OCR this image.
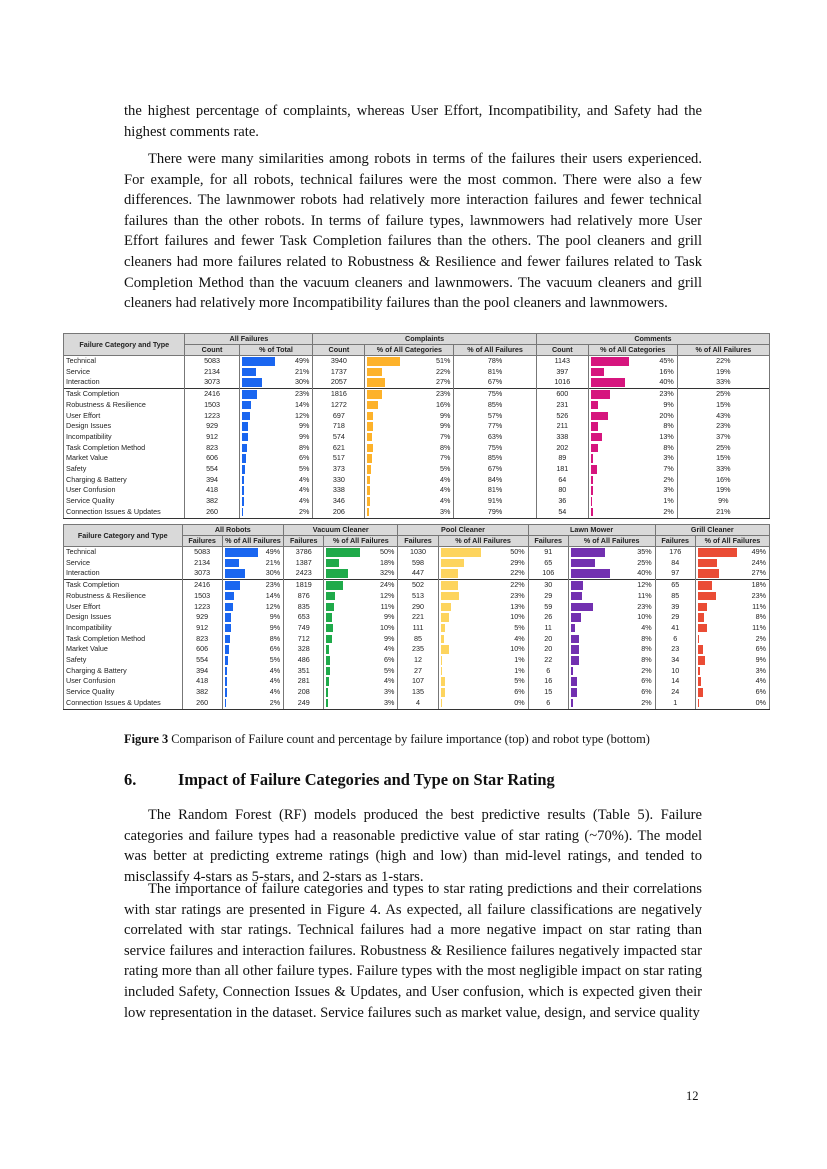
the highest percentage of complaints, whereas User Effort, Incompatibility, and Safety had the highest comments rate.

There were many similarities among robots in terms of the failures their users experienced. For example, for all robots, technical failures were the most common. There were also a few differences. The lawnmower robots had relatively more interaction failures and fewer technical failures than the other robots. In terms of failure types, lawnmowers had relatively more User Effort failures and fewer Task Completion failures than the others. The pool cleaners and grill cleaners had more failures related to Robustness & Resilience and fewer failures related to Task Completion Method than the vacuum cleaners and lawnmowers. The vacuum cleaners and grill cleaners had relatively more Incompatibility failures than the pool cleaners and lawnmowers.

Failure Category and Type	All Failures		Complaints			Comments		
	Count	% of Total	Count	% of All Categories	% of All Failures	Count	% of All Categories	% of All Failures
Technical	5083	49%	3940	51%	78%	1143	45%	22%
Service	2134	21%	1737	22%	81%	397	16%	19%
Interaction	3073	30%	2057	27%	67%	1016	40%	33%
Task Completion	2416	23%	1816	23%	75%	600	23%	25%
Robustness & Resilience	1503	14%	1272	16%	85%	231	9%	15%
User Effort	1223	12%	697	9%	57%	526	20%	43%
Design Issues	929	9%	718	9%	77%	211	8%	23%
Incompatibility	912	9%	574	7%	63%	338	13%	37%
Task Completion Method	823	8%	621	8%	75%	202	8%	25%
Market Value	606	6%	517	7%	85%	89	3%	15%
Safety	554	5%	373	5%	67%	181	7%	33%
Charging & Battery	394	4%	330	4%	84%	64	2%	16%
User Confusion	418	4%	338	4%	81%	80	3%	19%
Service Quality	382	4%	346	4%	91%	36	1%	9%
Connection Issues & Updates	260	2%	206	3%	79%	54	2%	21%
Failure Category and Type	All Robots		Vacuum Cleaner		Pool Cleaner		Lawn Mower		Grill Cleaner	
	Failures	% of All Failures	Failures	% of All Failures	Failures	% of All Failures	Failures	% of All Failures	Failures	% of All Failures
Technical	5083	49%	3786	50%	1030	50%	91	35%	176	49%
Service	2134	21%	1387	18%	598	29%	65	25%	84	24%
Interaction	3073	30%	2423	32%	447	22%	106	40%	97	27%
Task Completion	2416	23%	1819	24%	502	22%	30	12%	65	18%
Robustness & Resilience	1503	14%	876	12%	513	23%	29	11%	85	23%
User Effort	1223	12%	835	11%	290	13%	59	23%	39	11%
Design Issues	929	9%	653	9%	221	10%	26	10%	29	8%
Incompatibility	912	9%	749	10%	111	5%	11	4%	41	11%
Task Completion Method	823	8%	712	9%	85	4%	20	8%	6	2%
Market Value	606	6%	328	4%	235	10%	20	8%	23	6%
Safety	554	5%	486	6%	12	1%	22	8%	34	9%
Charging & Battery	394	4%	351	5%	27	1%	6	2%	10	3%
User Confusion	418	4%	281	4%	107	5%	16	6%	14	4%
Service Quality	382	4%	208	3%	135	6%	15	6%	24	6%
Connection Issues & Updates	260	2%	249	3%	4	0%	6	2%	1	0%
Figure 3 Comparison of Failure count and percentage by failure importance (top) and robot type (bottom)
6.	Impact of Failure Categories and Type on Star Rating

The Random Forest (RF) models produced the best predictive results (Table 5). Failure categories and failure types had a reasonable predictive value of star rating (~70%). The model was better at predicting extreme ratings (high and low) than mid-level ratings, and tended to misclassify 4-stars as 5-stars, and 2-stars as 1-stars.

The importance of failure categories and types to star rating predictions and their correlations with star ratings are presented in Figure 4. As expected, all failure classifications are negatively correlated with star ratings. Technical failures had a more negative impact on star rating than service failures and interaction failures. Robustness & Resilience failures negatively impacted star rating more than all other failure types. Failure types with the most negligible impact on star rating included Safety, Connection Issues & Updates, and User confusion, which is expected given their low representation in the dataset. Service failures such as market value, design, and service quality

12
